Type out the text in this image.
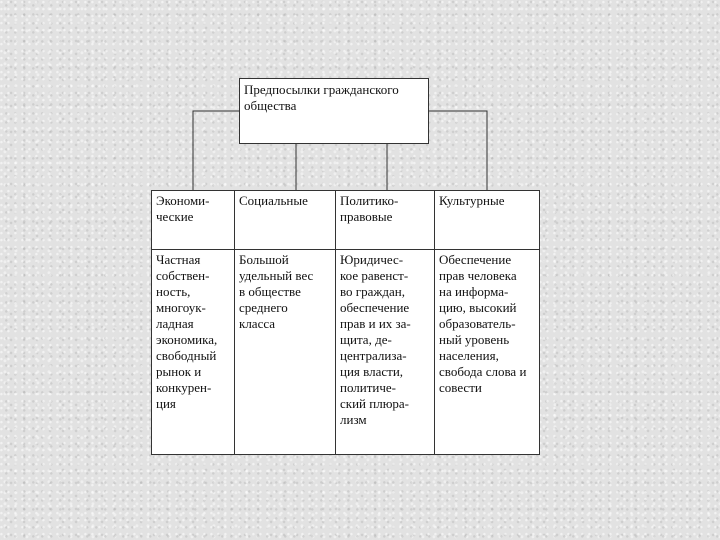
Предпосылки гражданского
общества
Экономи-
ческие
Социальные	Политико-
правовые
Культурные
Частная
собствен-
ность,
многоук-
ладная
экономика,
свободный
рынок и
конкурен-
ция
Большой
удельный вес
в обществе
среднего
класса
Юридичес-
кое равенст-
во граждан,
обеспечение
прав и их за-
щита, де-
централиза-
ция власти,
политиче-
ский плюра-
лизм
Обеспечение
прав человека
на информа-
цию, высокий
образователь-
ный уровень
населения,
свобода слова и
совести
